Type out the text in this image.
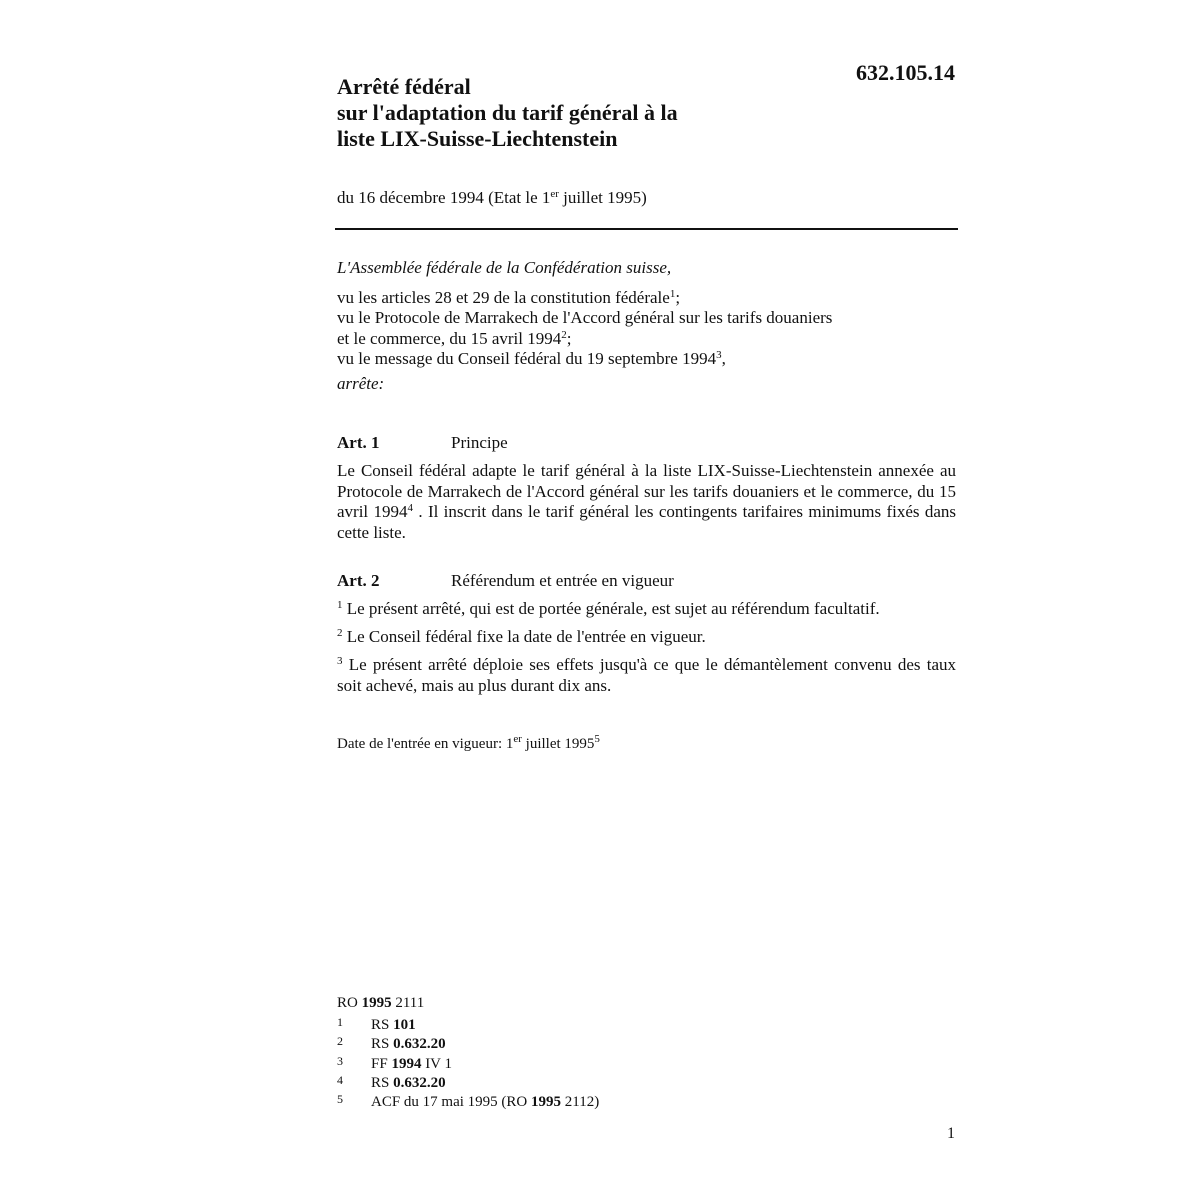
Arrêté fédéral
sur l'adaptation du tarif général à la
liste LIX-Suisse-Liechtenstein
632.105.14
du 16 décembre 1994 (Etat le 1er juillet 1995)
L'Assemblée fédérale de la Confédération suisse,
vu les articles 28 et 29 de la constitution fédérale$^1$;
vu le Protocole de Marrakech de l'Accord général sur les tarifs douaniers
et le commerce, du 15 avril 1994$^2$;
vu le message du Conseil fédéral du 19 septembre 1994$^3$,
arrête:
Art. 1	Principe
Le Conseil fédéral adapte le tarif général à la liste LIX-Suisse-Liechtenstein annexée au Protocole de Marrakech de l'Accord général sur les tarifs douaniers et le commerce, du 15 avril 1994$^4$ . Il inscrit dans le tarif général les contingents tarifaires minimums fixés dans cette liste.
Art. 2	Référendum et entrée en vigueur
$^1$ Le présent arrêté, qui est de portée générale, est sujet au référendum facultatif.
$^2$ Le Conseil fédéral fixe la date de l'entrée en vigueur.
$^3$ Le présent arrêté déploie ses effets jusqu'à ce que le démantèlement convenu des taux soit achevé, mais au plus durant dix ans.
Date de l'entrée en vigueur: 1er juillet 1995$^5$
RO 1995 2111
1 RS 101
2 RS 0.632.20
3 FF 1994 IV 1
4 RS 0.632.20
5 ACF du 17 mai 1995 (RO 1995 2112)
1
